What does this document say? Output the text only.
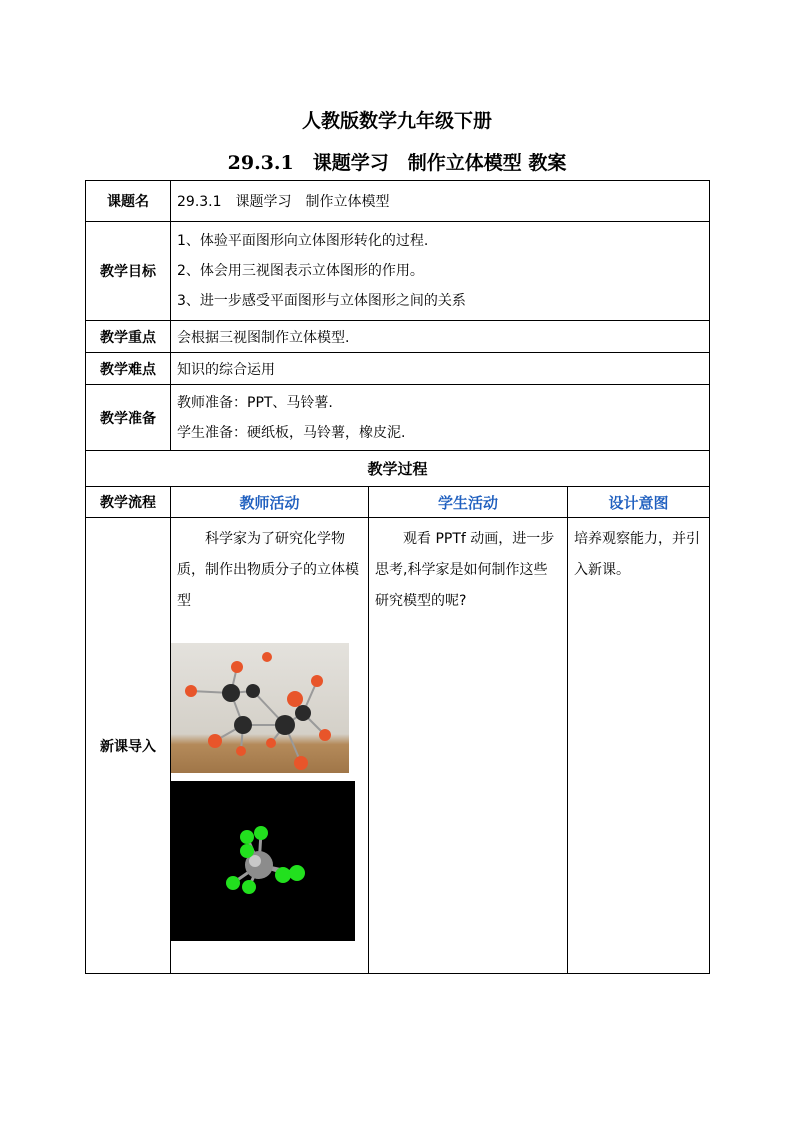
人教版数学九年级下册
29.3.1　课题学习　制作立体模型 教案
课题名	29.3.1　课题学习　制作立体模型		
教学目标	1、体验平面图形向立体图形转化的过程.
2、体会用三视图表示立体图形的作用。
3、进一步感受平面图形与立体图形之间的关系		

教学重点	会根据三视图制作立体模型.		
教学难点	知识的综合运用		
教学准备	教师准备：PPT、马铃薯.
学生准备：硬纸板，马铃薯，橡皮泥.		

教学过程			
教学流程	教师活动	学生活动	设计意图
新课导入	科学家为了研究化学物质，制作出物质分子的立体模型	观看 PPTf 动画，进一步思考,科学家是如何制作这些研究模型的呢?	培养观察能力，并引入新课。
